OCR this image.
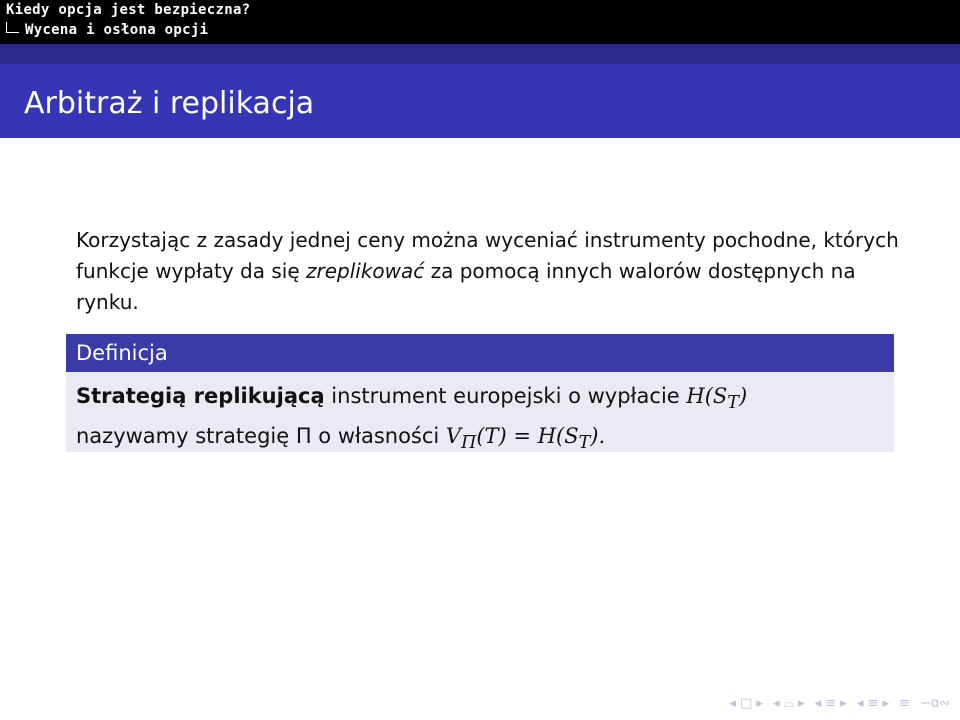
Kiedy opcja jest bezpieczna?
Wycena i osłona opcji
Arbitraż i replikacja
Korzystając z zasady jednej ceny można wyceniać instrumenty pochodne, których funkcje wypłaty da się zreplikować za pomocą innych walorów dostępnych na rynku.
Definicja
Strategią replikującą instrument europejski o wypłacie $H(S_T)$
nazywamy strategię Π o własności $V_\Pi(T) = H(S_T)$.
◂ □ ▸ ◂ ⌓ ▸ ◂ ≡ ▸ ◂ ≡ ▸ ≡ ∽ɑ∾
